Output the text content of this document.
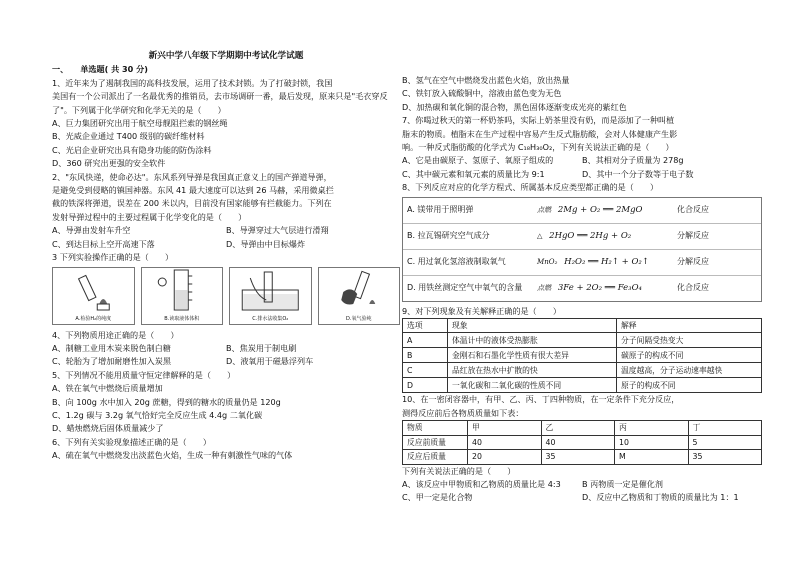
新兴中学八年级下学期期中考试化学试题
一、　　单选题( 共 30 分)
1、近年来为了遏制我国的高科技发展，运用了技术封锁。为了打破封锁，我国
美国有一个公司派出了一名最优秀的推销员，去市场调研一番，最后发现，原来只是"毛衣穿反
了"。下列属于化学研究和化学无关的是（　　）
A、巨力集团研究出用于航空母舰阻拦索的钢丝绳
B、光威企业通过 T400 级别的碳纤维材料
C、光启企业研究出具有隐身功能的防伪涂料
D、360 研究出更强的安全软件
2、"东风快递，使命必达"。东风系列导弹是我国真正意义上的国产弹道导弹，
是避免受到侵略的镇国神器。东风 41 最大速度可以达到 26 马赫，采用微桌拦
截的铁深将弹道，误差在 200 米以内，目前没有国家能够有拦截能力。下列在
发射导弹过程中的主要过程属于化学变化的是（　　）
A、导弹由发射车升空	B、导弹穿过大气层进行滑翔
C、到达目标上空开高速下落	D、导弹由中目标爆炸
3 下列实验操作正确的是（　　）
A.检验H₂的纯度	B.读取液体体积	C.排水法收集O₂	D.氧气验纯
4、下列物质用途正确的是（　　）
A、制糖工业用木炭来脱色制白糖	B、焦炭用于制电刷
C、轮胎为了增加耐磨性加入炭黑	D、液氧用于磁悬浮列车
5、下列情况不能用质量守恒定律解释的是（　　）
A、铁在氧气中燃烧后质量增加
B、向 100g 水中加入 20g 蔗糖，得到的糖水的质量仍是 120g
C、1.2g 碳与 3.2g 氧气恰好完全反应生成 4.4g 二氧化碳
D、蜡烛燃烧后固体质量减少了
6、下列有关实验现象描述正确的是（　　）
A、硫在氧气中燃烧发出淡蓝色火焰，生成一种有刺激性气味的气体
B、氢气在空气中燃烧发出蓝色火焰，放出热量
C、铁钉放入硫酸铜中，溶液由蓝色变为无色
D、加热碳和氧化铜的混合物，黑色固体逐渐变成光亮的紫红色
7、你喝过秋天的第一杯奶茶吗，实际上奶茶里没有奶，而是添加了一种叫植
脂末的物质。植脂末在生产过程中容易产生反式脂肪酸，会对人体健康产生影
响。一种反式脂肪酸的化学式为 C₁₈H₃₀O₂，下列有关说法正确的是（　　）
A、它是由碳原子、氢原子、氧原子组成的	B、其相对分子质量为 278g
C、其中碳元素和氧元素的质量比为 9:1	D、其中一个分子数等于电子数
8、下列反应对应的化学方程式、所属基本反应类型都正确的是（　　）
A. 镁带用于照明弹	点燃 2Mg + O₂ ══ 2MgO	化合反应
B. 拉瓦锡研究空气成分	△ 2HgO ══ 2Hg + O₂	分解反应
C. 用过氧化氢溶液制取氧气	MnO₂ H₂O₂ ══ H₂↑ + O₂↑	分解反应
D. 用铁丝测定空气中氧气的含量	点燃 3Fe + 2O₂ ══ Fe₃O₄	化合反应
9、对下列现象及有关解释正确的是（　　）
选项	现象	解释
A	体温计中的液体受热膨胀	分子间隔受热变大
B	金刚石和石墨化学性质有很大差异	碳原子的构成不同
C	品红放在热水中扩散的快	温度越高，分子运动速率越快
D	一氧化碳和二氧化碳的性质不同	原子的构成不同
10、在一密闭容器中，有甲、乙、丙、丁四种物质，在一定条件下充分反应，
测得反应前后各物质质量如下表：
物质	甲	乙	丙	丁
反应前质量	40	40	10	5
反应后质量	20	35	M	35
下列有关说法正确的是（　　）
A、该反应中甲物质和乙物质的质量比是 4:3	B 丙物质一定是催化剂
C、甲一定是化合物	D、反应中乙物质和丁物质的质量比为 1：1
